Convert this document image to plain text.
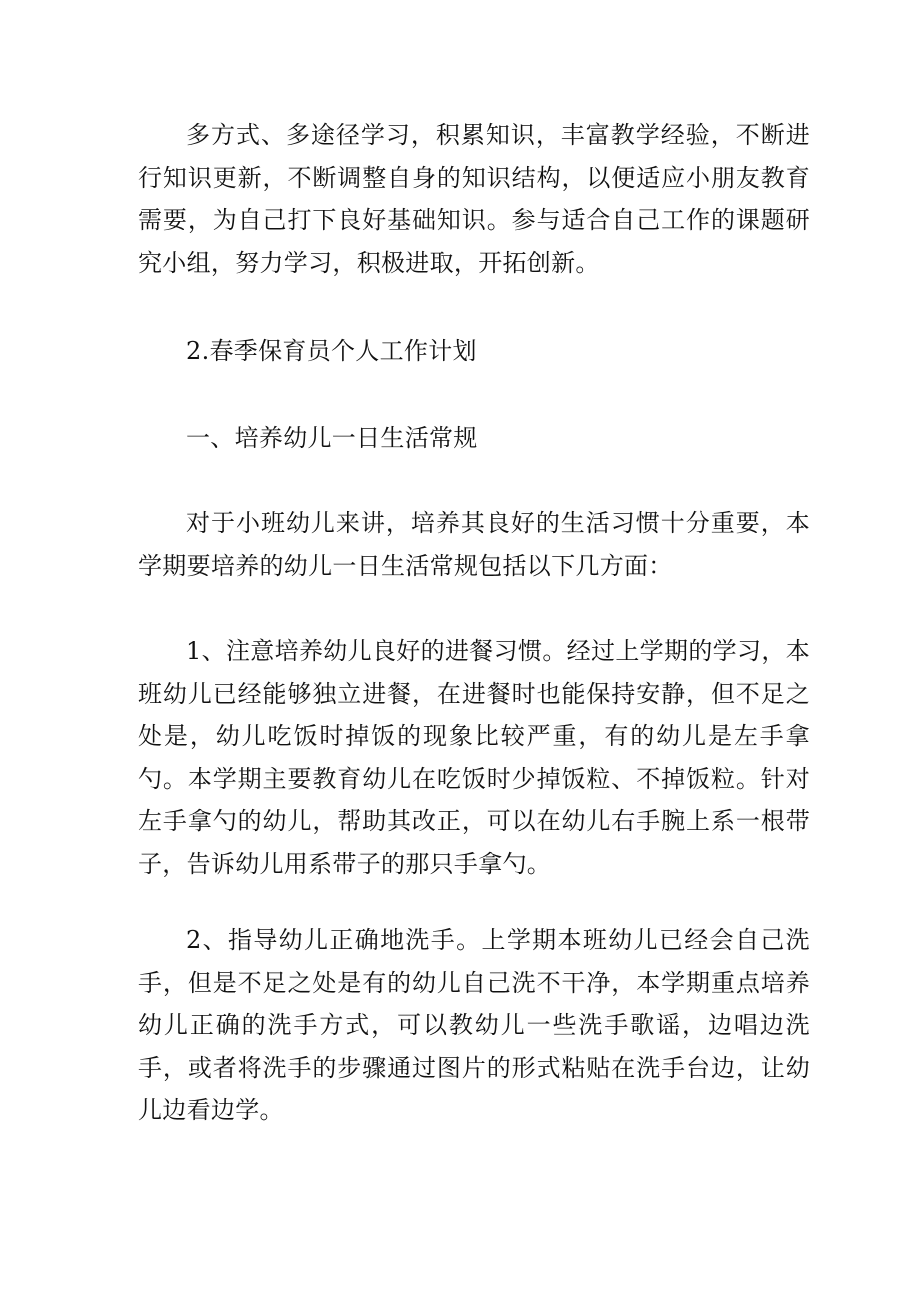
多方式、多途径学习，积累知识，丰富教学经验，不断进行知识更新，不断调整自身的知识结构，以便适应小朋友教育需要，为自己打下良好基础知识。参与适合自己工作的课题研究小组，努力学习，积极进取，开拓创新。

2.春季保育员个人工作计划

一、培养幼儿一日生活常规

对于小班幼儿来讲，培养其良好的生活习惯十分重要，本学期要培养的幼儿一日生活常规包括以下几方面：

1、注意培养幼儿良好的进餐习惯。经过上学期的学习，本班幼儿已经能够独立进餐，在进餐时也能保持安静，但不足之处是，幼儿吃饭时掉饭的现象比较严重，有的幼儿是左手拿勺。本学期主要教育幼儿在吃饭时少掉饭粒、不掉饭粒。针对左手拿勺的幼儿，帮助其改正，可以在幼儿右手腕上系一根带子，告诉幼儿用系带子的那只手拿勺。

2、指导幼儿正确地洗手。上学期本班幼儿已经会自己洗手，但是不足之处是有的幼儿自己洗不干净，本学期重点培养幼儿正确的洗手方式，可以教幼儿一些洗手歌谣，边唱边洗手，或者将洗手的步骤通过图片的形式粘贴在洗手台边，让幼儿边看边学。
